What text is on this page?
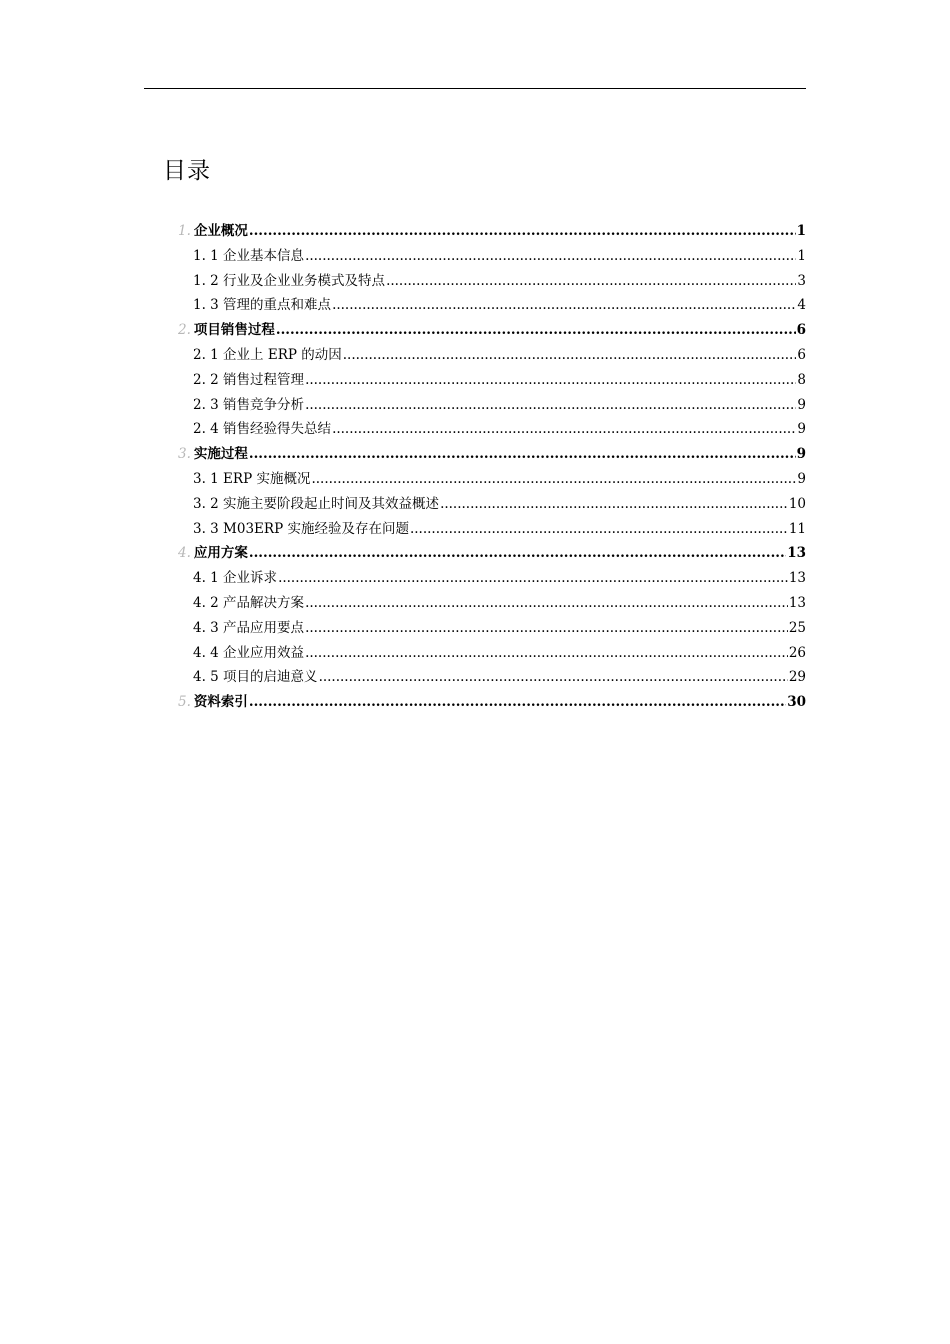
目录
1. 企业概况 .....	1
1. 1 企业基本信息 .....	1
1. 2 行业及企业业务模式及特点 .....	3
1. 3 管理的重点和难点 .....	4
2. 项目销售过程 .....	6
2. 1 企业上 ERP 的动因 .....	6
2. 2 销售过程管理 .....	8
2. 3 销售竞争分析 .....	9
2. 4 销售经验得失总结 .....	9
3. 实施过程 .....	9
3. 1 ERP 实施概况 .....	9
3. 2 实施主要阶段起止时间及其效益概述 .....	10
3. 3 M03ERP 实施经验及存在问题 .....	11
4. 应用方案 .....	13
4. 1 企业诉求 .....	13
4. 2 产品解决方案 .....	13
4. 3 产品应用要点 .....	25
4. 4 企业应用效益 .....	26
4. 5 项目的启迪意义 .....	29
5. 资料索引 .....	30
